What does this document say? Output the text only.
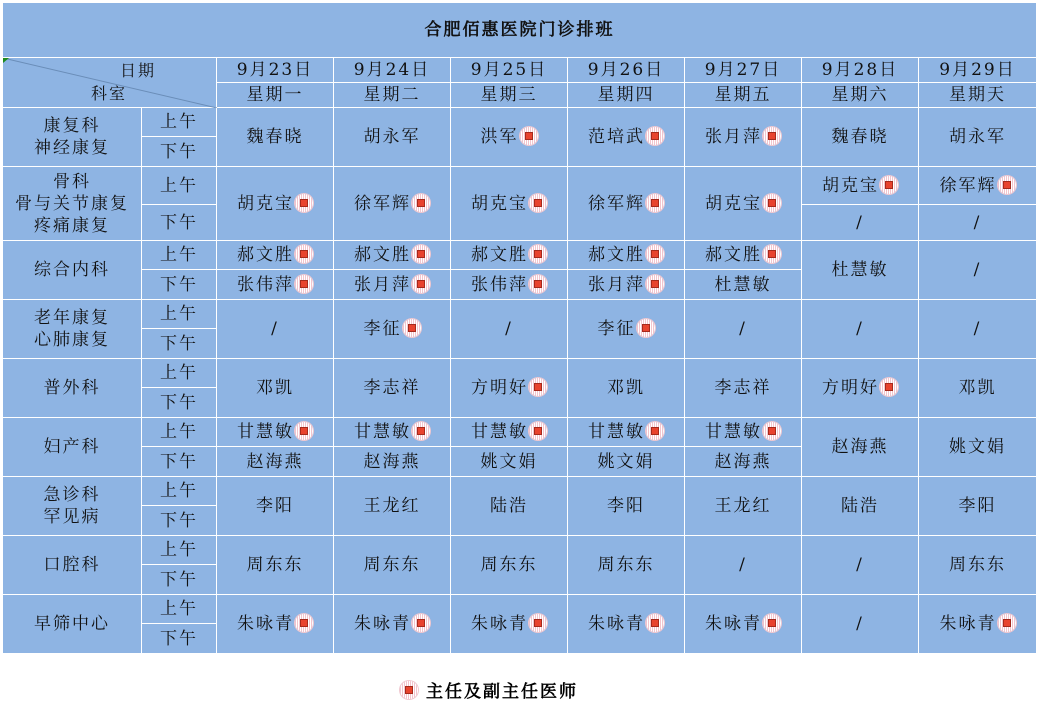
合肥佰惠医院门诊排班								

日期
科室		9月23日	9月24日	9月25日	9月26日	9月27日	9月28日	9月29日
		星期一	星期二	星期三	星期四	星期五	星期六	星期天

康复科
神经康复	上午	魏春晓	胡永军	洪军	范培武	张月萍	魏春晓	胡永军
	下午							

骨科
骨与关节康复
疼痛康复	上午	胡克宝	徐军辉	胡克宝	徐军辉	胡克宝	胡克宝	徐军辉
	下午						/	/

综合内科	上午	郝文胜	郝文胜	郝文胜	郝文胜	郝文胜	杜慧敏	/
	下午	张伟萍	张月萍	张伟萍	张月萍	杜慧敏		

老年康复
心肺康复	上午	/	李征	/	李征	/	/	/
	下午							

普外科	上午	邓凯	李志祥	方明好	邓凯	李志祥	方明好	邓凯
	下午							

妇产科	上午	甘慧敏	甘慧敏	甘慧敏	甘慧敏	甘慧敏	赵海燕	姚文娟
	下午	赵海燕	赵海燕	姚文娟	姚文娟	赵海燕		

急诊科
罕见病	上午	李阳	王龙红	陆浩	李阳	王龙红	陆浩	李阳
	下午							

口腔科	上午	周东东	周东东	周东东	周东东	/	/	周东东
	下午							

早筛中心	上午	朱咏青	朱咏青	朱咏青	朱咏青	朱咏青	/	朱咏青
	下午							
主任及副主任医师
